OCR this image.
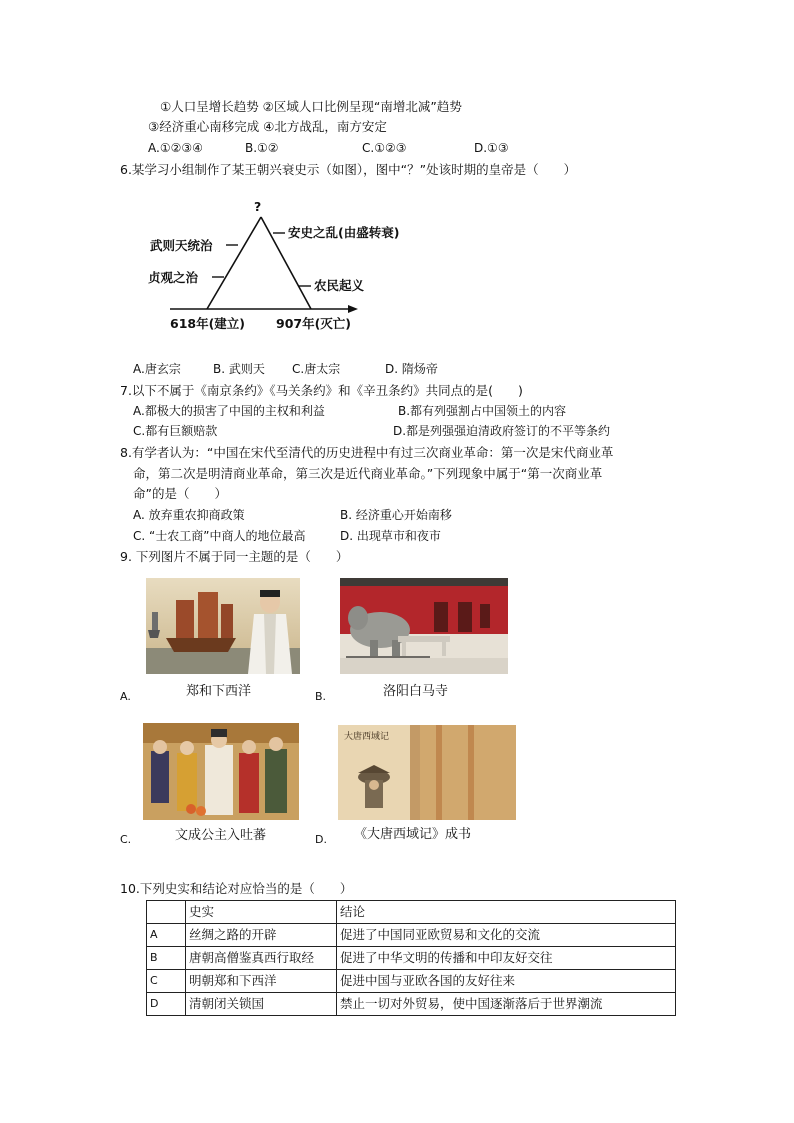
①人口呈增长趋势 ②区域人口比例呈现“南增北减”趋势
③经济重心南移完成 ④北方战乱，南方安定
A.①②③④	B.①②	C.①②③	D.①③
6.某学习小组制作了某王朝兴衰史示（如图），图中“？”处该时期的皇帝是（　　）
?
武则天统治
贞观之治
安史之乱(由盛转衰)
农民起义
618年(建立) 907年(灭亡)
A.唐玄宗	B. 武则天 C.唐太宗	D. 隋炀帝
7.以下不属于《南京条约》《马关条约》和《辛丑条约》共同点的是(　　)
A.都极大的损害了中国的主权和利益	B.都有列强割占中国领土的内容
C.都有巨额赔款	D.都是列强强迫清政府签订的不平等条约
8.有学者认为：“中国在宋代至清代的历史进程中有过三次商业革命：第一次是宋代商业革
命，第二次是明清商业革命，第三次是近代商业革命。”下列现象中属于“第一次商业革
命”的是（　　）
A. 放弃重农抑商政策	B. 经济重心开始南移
C. “士农工商”中商人的地位最高	D. 出现草市和夜市
9. 下列图片不属于同一主题的是（　　）
A.	郑和下西洋	B.	洛阳白马寺
C.	文成公主入吐蕃
大唐西域记
D. 《大唐西域记》成书
10.下列史实和结论对应恰当的是（　　）
	史实	结论
A	丝绸之路的开辟	促进了中国同亚欧贸易和文化的交流
B	唐朝高僧鉴真西行取经	促进了中华文明的传播和中印友好交往
C	明朝郑和下西洋	促进中国与亚欧各国的友好往来
D	清朝闭关锁国	禁止一切对外贸易，使中国逐渐落后于世界潮流
